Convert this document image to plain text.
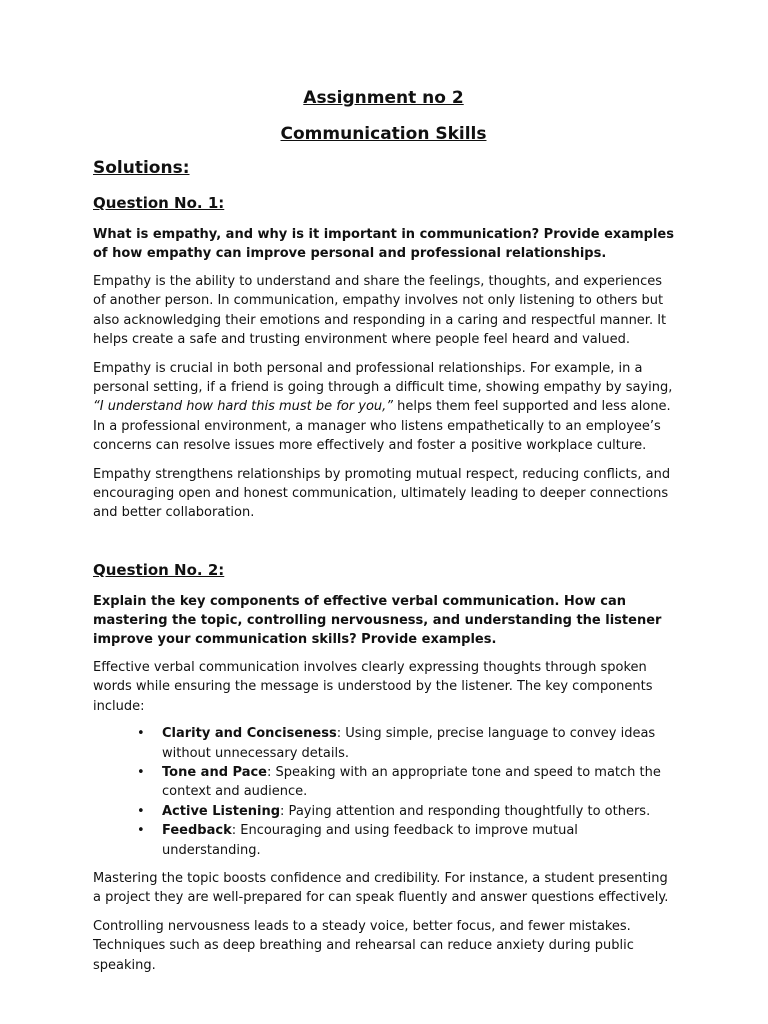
Assignment no 2
Communication Skills
Solutions:
Question No. 1:

What is empathy, and why is it important in communication? Provide examples of how empathy can improve personal and professional relationships.

Empathy is the ability to understand and share the feelings, thoughts, and experiences of another person. In communication, empathy involves not only listening to others but also acknowledging their emotions and responding in a caring and respectful manner. It helps create a safe and trusting environment where people feel heard and valued.

Empathy is crucial in both personal and professional relationships. For example, in a personal setting, if a friend is going through a difficult time, showing empathy by saying, “I understand how hard this must be for you,” helps them feel supported and less alone. In a professional environment, a manager who listens empathetically to an employee’s concerns can resolve issues more effectively and foster a positive workplace culture.

Empathy strengthens relationships by promoting mutual respect, reducing conflicts, and encouraging open and honest communication, ultimately leading to deeper connections and better collaboration.

Question No. 2:

Explain the key components of effective verbal communication. How can mastering the topic, controlling nervousness, and understanding the listener improve your communication skills? Provide examples.

Effective verbal communication involves clearly expressing thoughts through spoken words while ensuring the message is understood by the listener. The key components include:

• Clarity and Conciseness: Using simple, precise language to convey ideas without unnecessary details.
• Tone and Pace: Speaking with an appropriate tone and speed to match the context and audience.
• Active Listening: Paying attention and responding thoughtfully to others.
• Feedback: Encouraging and using feedback to improve mutual understanding.

Mastering the topic boosts confidence and credibility. For instance, a student presenting a project they are well-prepared for can speak fluently and answer questions effectively.

Controlling nervousness leads to a steady voice, better focus, and fewer mistakes. Techniques such as deep breathing and rehearsal can reduce anxiety during public speaking.
